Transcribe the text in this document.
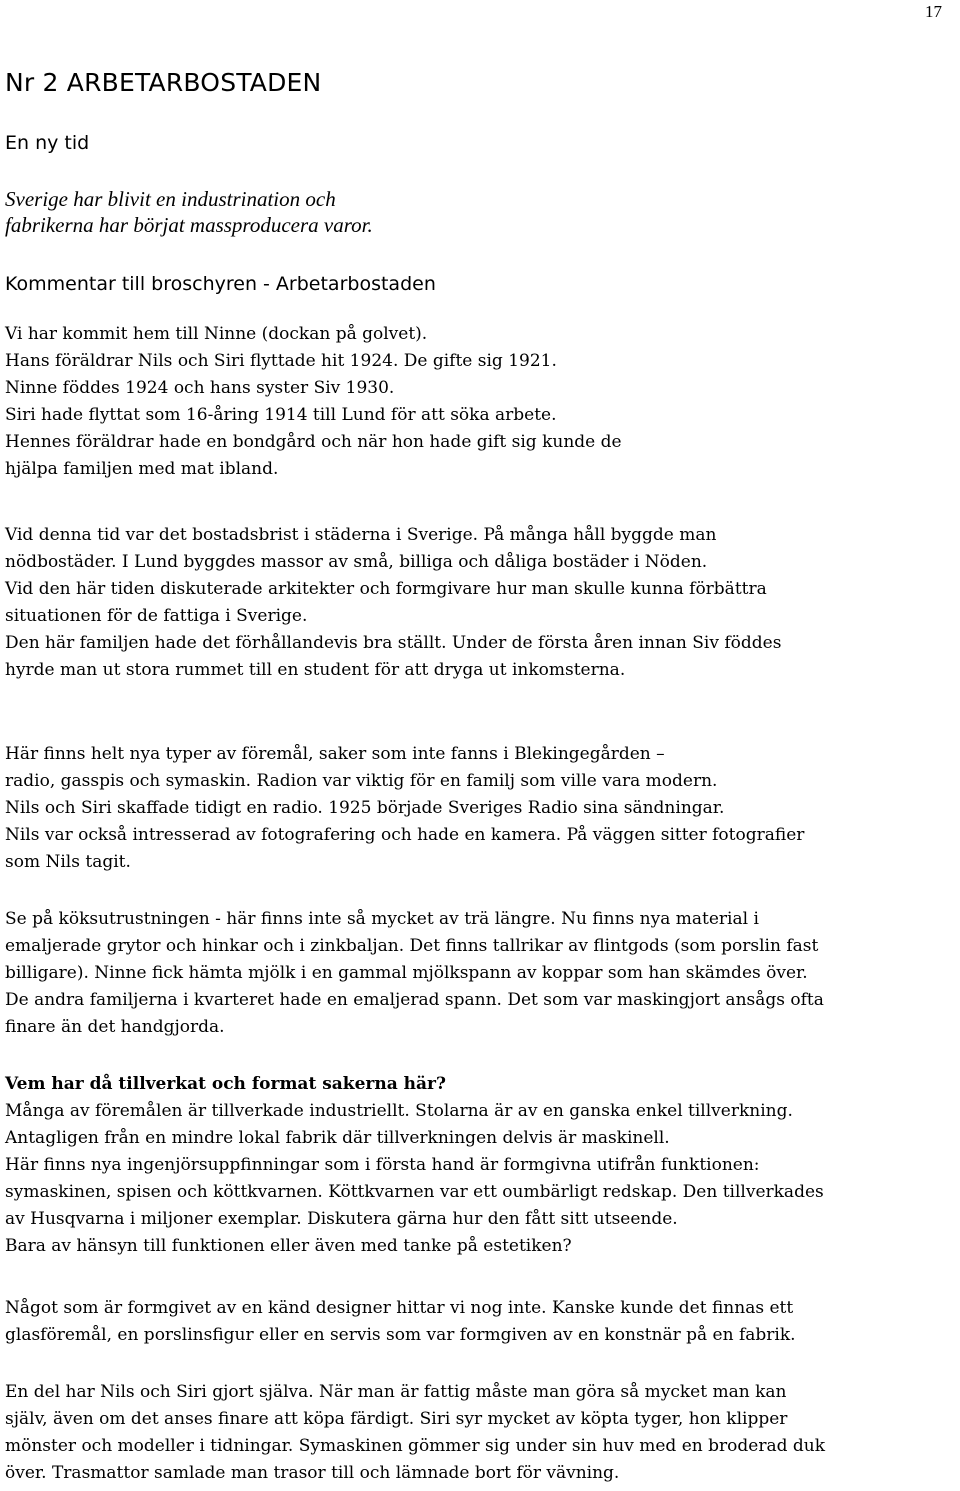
17
Nr 2 ARBETARBOSTADEN
En ny tid

Sverige har blivit en industrination och
fabrikerna har börjat massproducera varor.

Kommentar till broschyren - Arbetarbostaden

Vi har kommit hem till Ninne (dockan på golvet).
Hans föräldrar Nils och Siri flyttade hit 1924. De gifte sig 1921.
Ninne föddes 1924 och hans syster Siv 1930.
Siri hade flyttat som 16-åring 1914 till Lund för att söka arbete.
Hennes föräldrar hade en bondgård och när hon hade gift sig kunde de
hjälpa familjen med mat ibland.

Vid denna tid var det bostadsbrist i städerna i Sverige. På många håll byggde man
nödbostäder. I Lund byggdes massor av små, billiga och dåliga bostäder i Nöden.
Vid den här tiden diskuterade arkitekter och formgivare hur man skulle kunna förbättra
situationen för de fattiga i Sverige.
Den här familjen hade det förhållandevis bra ställt. Under de första åren innan Siv föddes
hyrde man ut stora rummet till en student för att dryga ut inkomsterna.

Här finns helt nya typer av föremål, saker som inte fanns i Blekingegården –
radio, gasspis och symaskin. Radion var viktig för en familj som ville vara modern.
Nils och Siri skaffade tidigt en radio. 1925 började Sveriges Radio sina sändningar.
Nils var också intresserad av fotografering och hade en kamera. På väggen sitter fotografier
som Nils tagit.

Se på köksutrustningen - här finns inte så mycket av trä längre. Nu finns nya material i
emaljerade grytor och hinkar och i zinkbaljan. Det finns tallrikar av flintgods (som porslin fast
billigare). Ninne fick hämta mjölk i en gammal mjölkspann av koppar som han skämdes över.
De andra familjerna i kvarteret hade en emaljerad spann. Det som var maskingjort ansågs ofta
finare än det handgjorda.

Vem har då tillverkat och format sakerna här?
Många av föremålen är tillverkade industriellt. Stolarna är av en ganska enkel tillverkning.
Antagligen från en mindre lokal fabrik där tillverkningen delvis är maskinell.
Här finns nya ingenjörsuppfinningar som i första hand är formgivna utifrån funktionen:
symaskinen, spisen och köttkvarnen. Köttkvarnen var ett oumbärligt redskap. Den tillverkades
av Husqvarna i miljoner exemplar. Diskutera gärna hur den fått sitt utseende.
Bara av hänsyn till funktionen eller även med tanke på estetiken?

Något som är formgivet av en känd designer hittar vi nog inte. Kanske kunde det finnas ett
glasföremål, en porslinsfigur eller en servis som var formgiven av en konstnär på en fabrik.

En del har Nils och Siri gjort själva. När man är fattig måste man göra så mycket man kan
själv, även om det anses finare att köpa färdigt. Siri syr mycket av köpta tyger, hon klipper
mönster och modeller i tidningar. Symaskinen gömmer sig under sin huv med en broderad duk
över. Trasmattor samlade man trasor till och lämnade bort för vävning.
